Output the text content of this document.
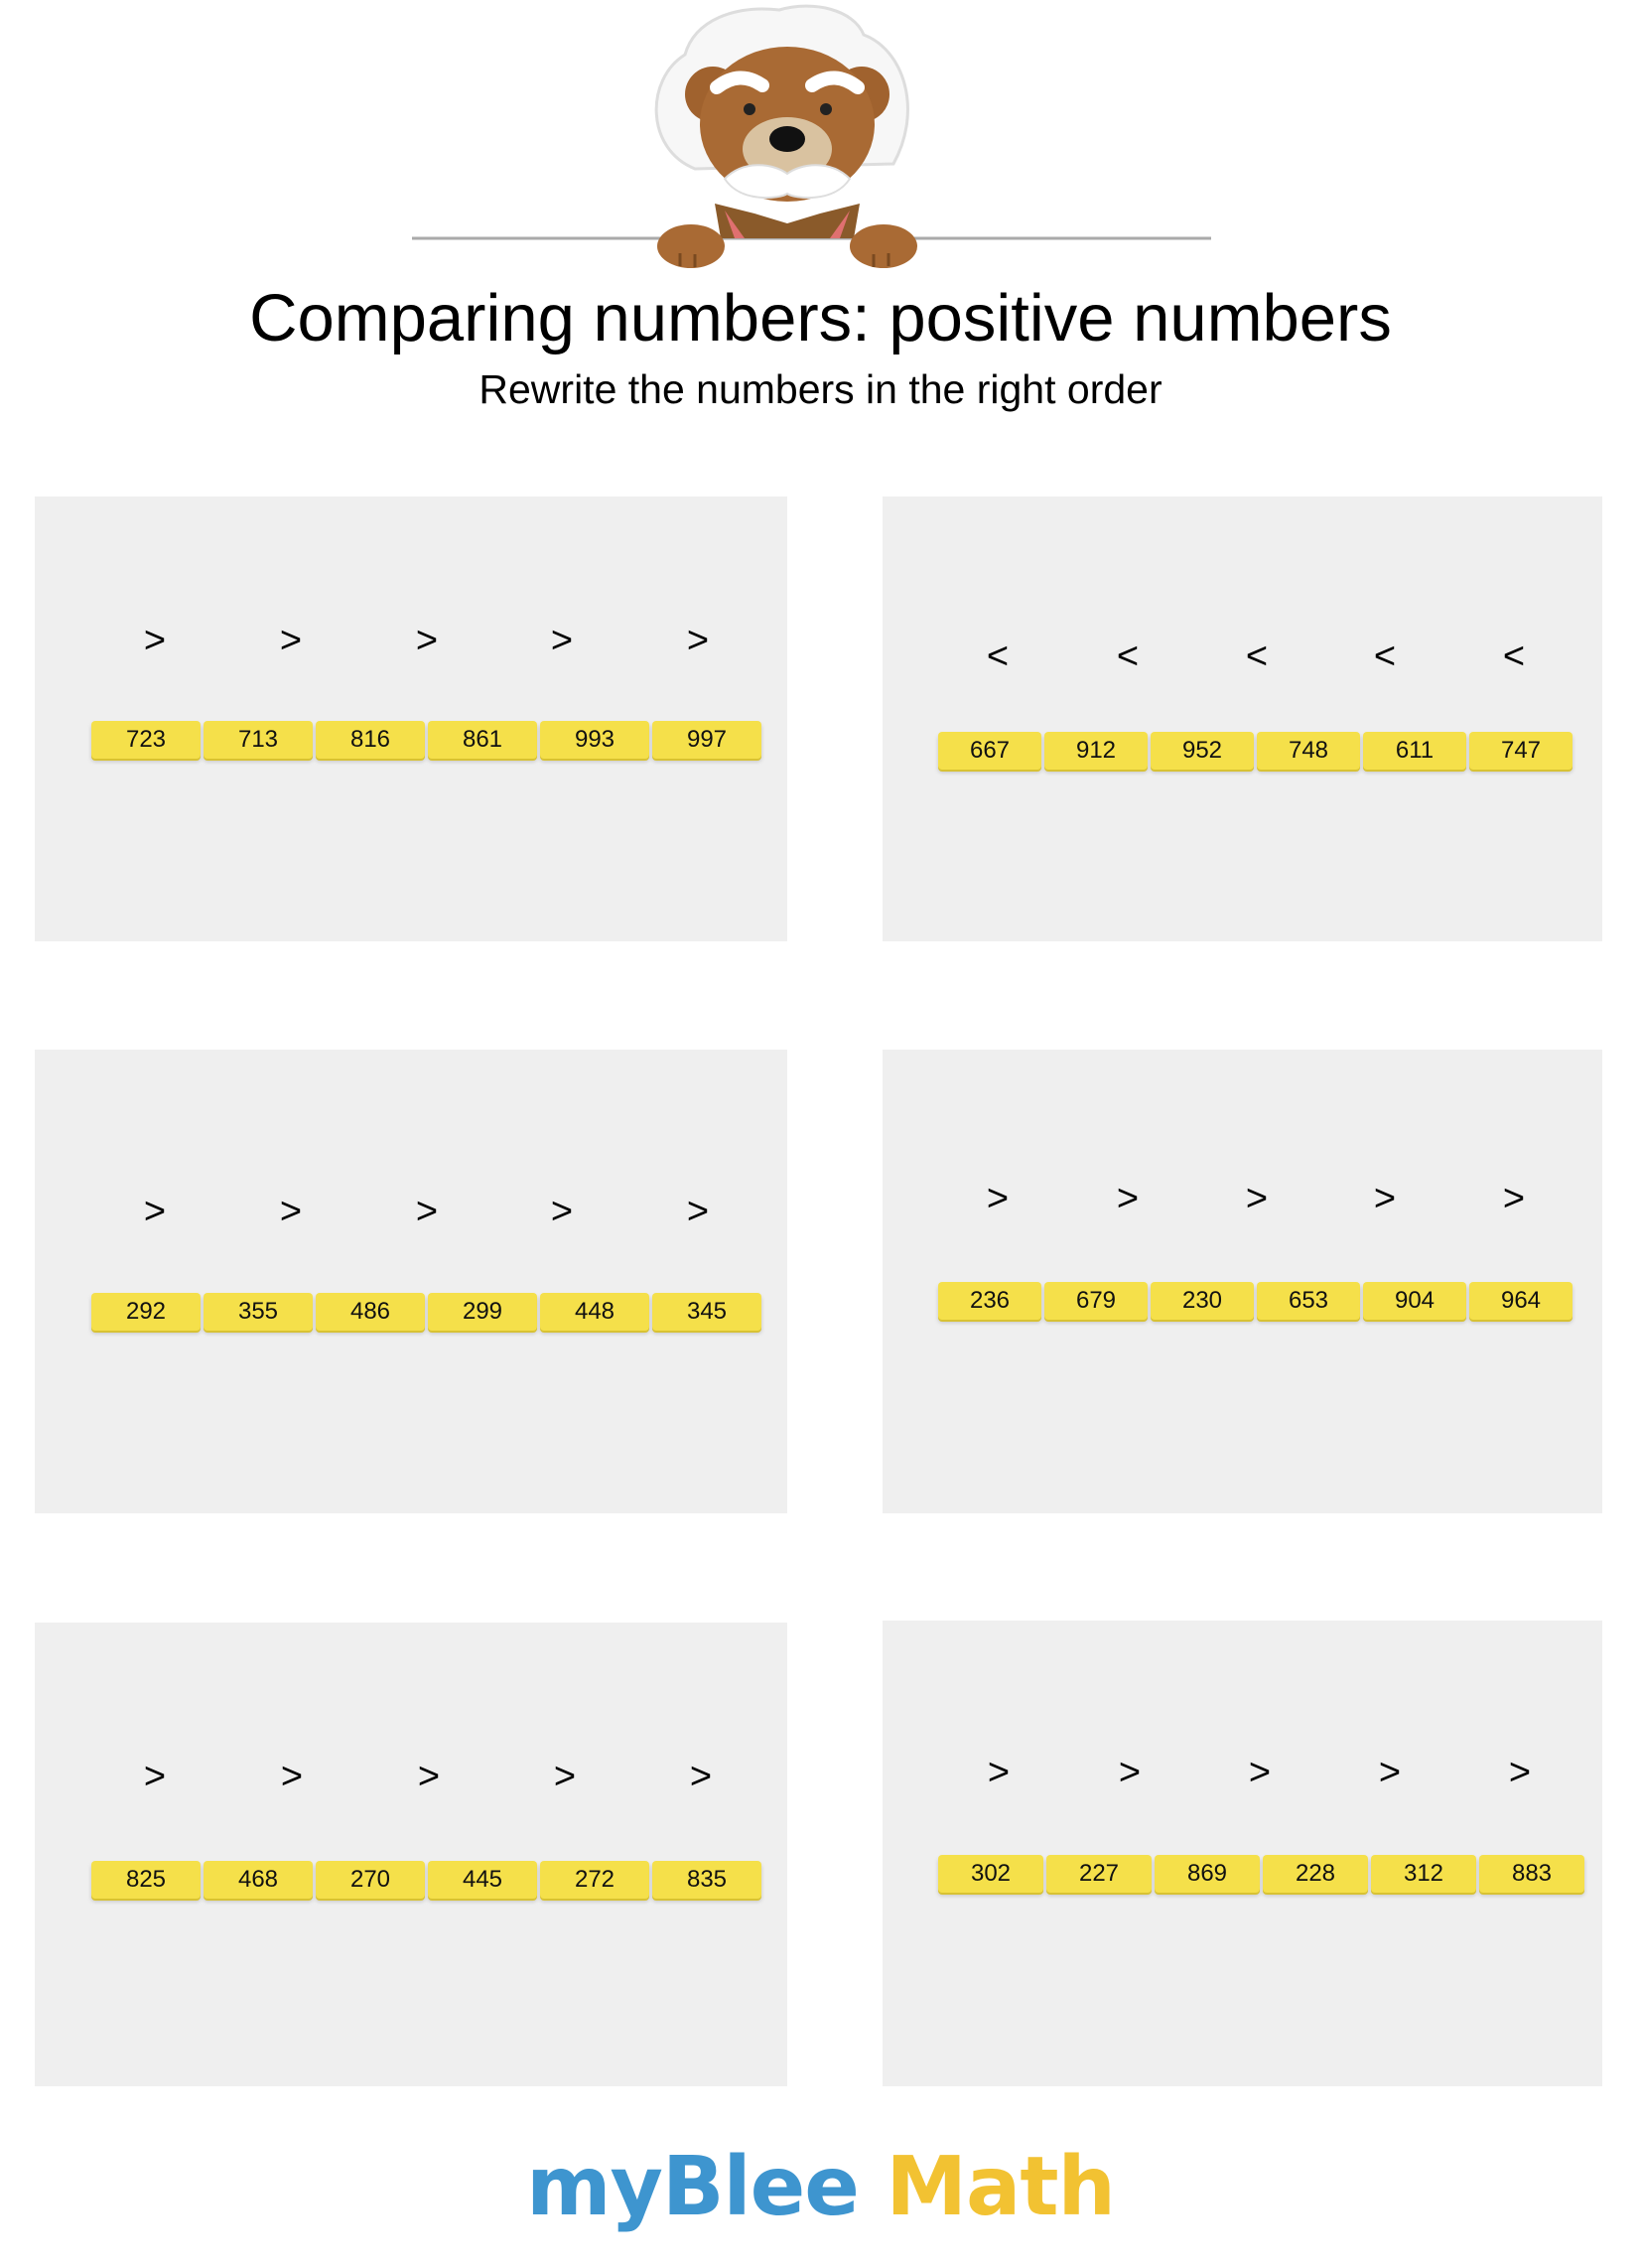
Comparing numbers: positive numbers
Rewrite the numbers in the right order
>	>	>	>	>
723	713	816	861	993	997
<	<	<	<	<
667	912	952	748	611	747
>	>	>	>	>
292	355	486	299	448	345
>	>	>	>	>
236	679	230	653	904	964
>	>	>	>	>
825	468	270	445	272	835
>	>	>	>	>
302	227	869	228	312	883
myBlee Math
